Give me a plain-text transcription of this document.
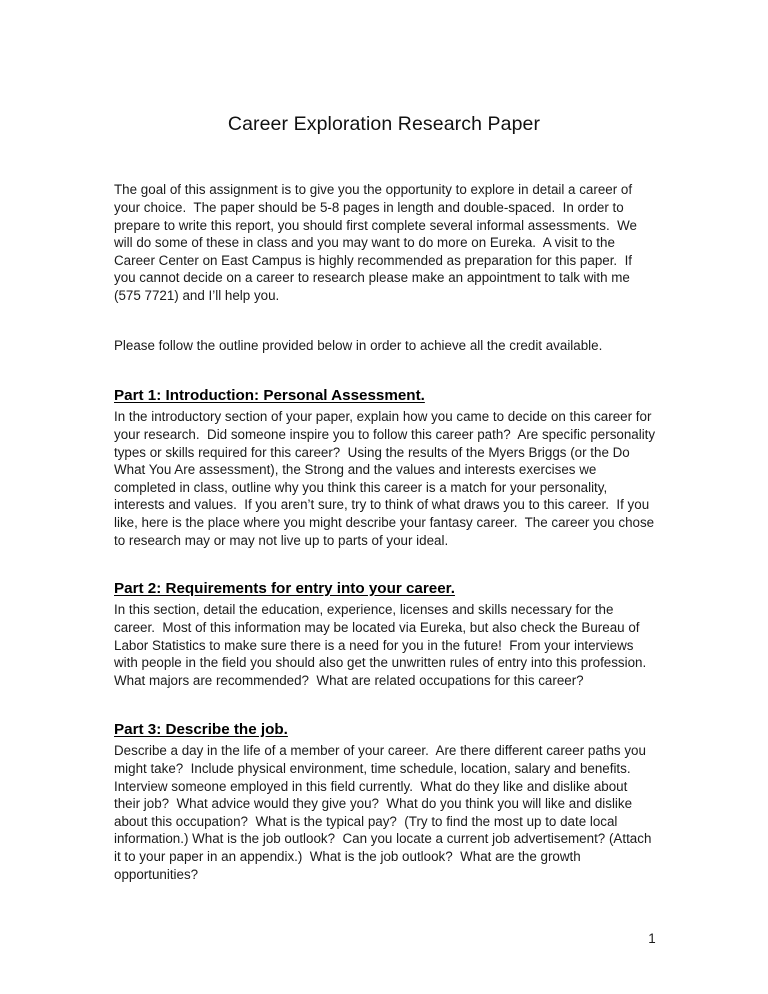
Career Exploration Research Paper

The goal of this assignment is to give you the opportunity to explore in detail a career of your choice.  The paper should be 5-8 pages in length and double-spaced.  In order to prepare to write this report, you should first complete several informal assessments.  We will do some of these in class and you may want to do more on Eureka.  A visit to the Career Center on East Campus is highly recommended as preparation for this paper.  If you cannot decide on a career to research please make an appointment to talk with me (575 7721) and I’ll help you.

Please follow the outline provided below in order to achieve all the credit available.

Part 1: Introduction: Personal Assessment.

In the introductory section of your paper, explain how you came to decide on this career for your research.  Did someone inspire you to follow this career path?  Are specific personality types or skills required for this career?  Using the results of the Myers Briggs (or the Do What You Are assessment), the Strong and the values and interests exercises we completed in class, outline why you think this career is a match for your personality, interests and values.  If you aren’t sure, try to think of what draws you to this career.  If you like, here is the place where you might describe your fantasy career.  The career you chose to research may or may not live up to parts of your ideal.

Part 2: Requirements for entry into your career.

In this section, detail the education, experience, licenses and skills necessary for the career.  Most of this information may be located via Eureka, but also check the Bureau of Labor Statistics to make sure there is a need for you in the future!  From your interviews with people in the field you should also get the unwritten rules of entry into this profession.  What majors are recommended?  What are related occupations for this career?

Part 3: Describe the job.

Describe a day in the life of a member of your career.  Are there different career paths you might take?  Include physical environment, time schedule, location, salary and benefits.  Interview someone employed in this field currently.  What do they like and dislike about their job?  What advice would they give you?  What do you think you will like and dislike about this occupation?  What is the typical pay?  (Try to find the most up to date local information.) What is the job outlook?  Can you locate a current job advertisement? (Attach it to your paper in an appendix.)  What is the job outlook?  What are the growth opportunities?

1
